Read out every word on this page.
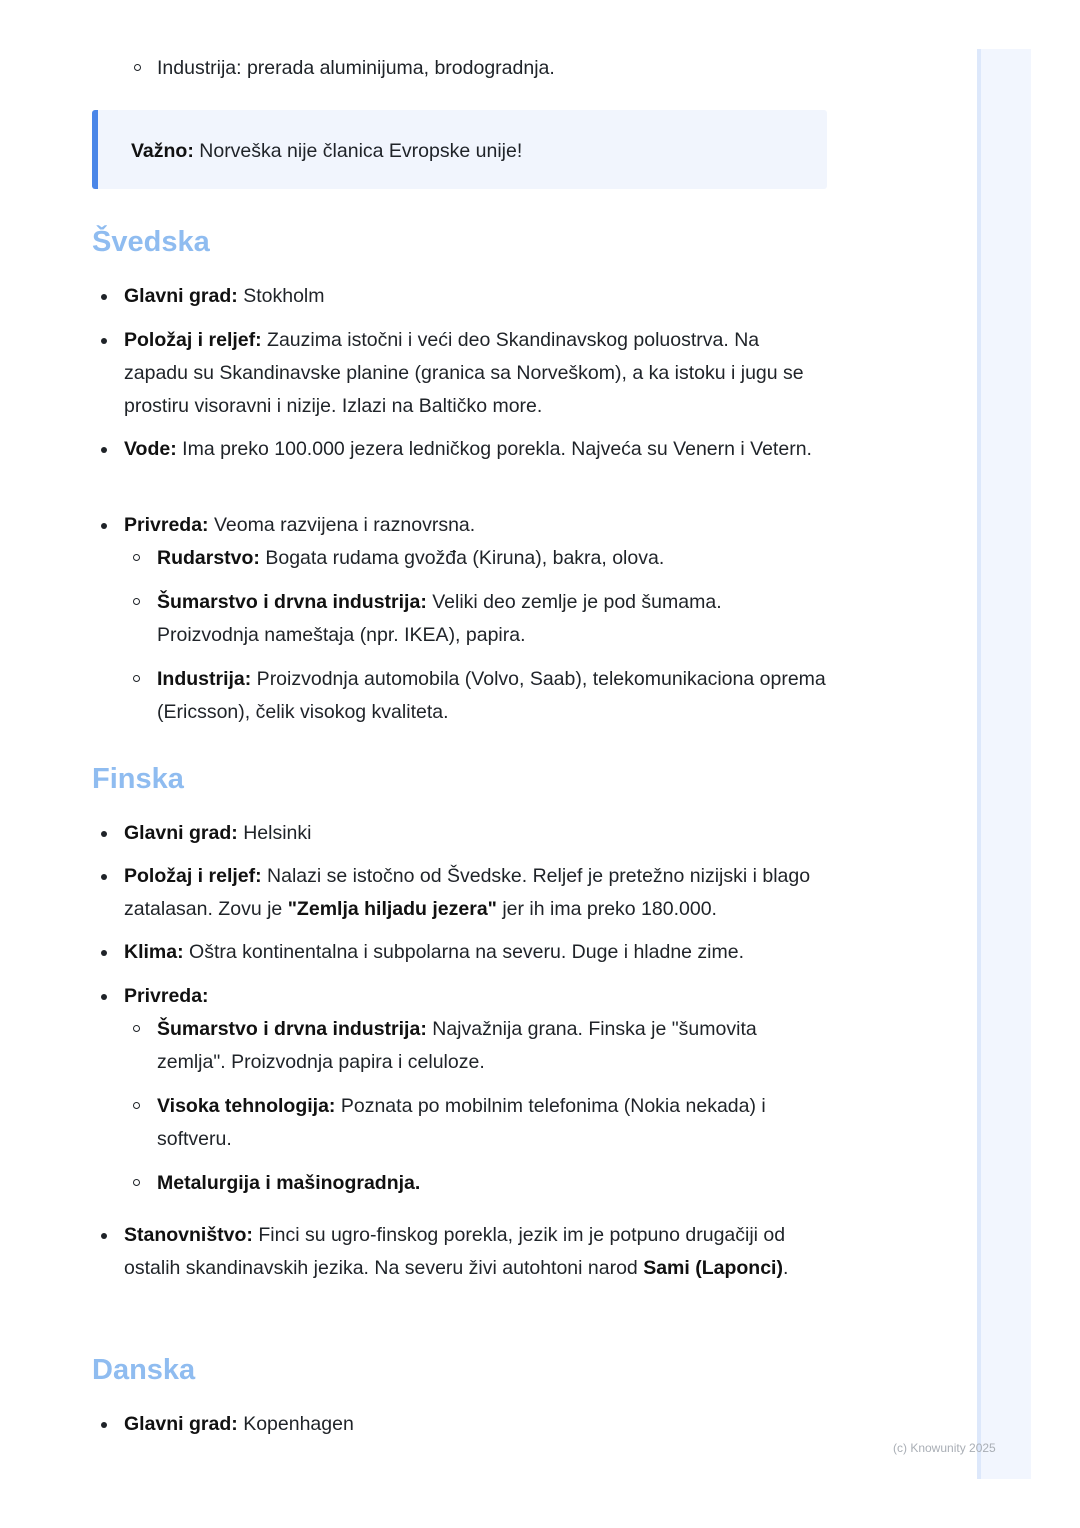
(c) Knowunity 2025
Industrija: prerada aluminijuma, brodogradnja.
Važno: Norveška nije članica Evropske unije!
Švedska
Glavni grad: Stokholm
Položaj i reljef: Zauzima istočni i veći deo Skandinavskog poluostrva. Na zapadu su Skandinavske planine (granica sa Norveškom), a ka istoku i jugu se prostiru visoravni i nizije. Izlazi na Baltičko more.
Vode: Ima preko 100.000 jezera ledničkog porekla. Najveća su Venern i Vetern.
Privreda: Veoma razvijena i raznovrsna.
Rudarstvo: Bogata rudama gvožđa (Kiruna), bakra, olova.
Šumarstvo i drvna industrija: Veliki deo zemlje je pod šumama. Proizvodnja nameštaja (npr. IKEA), papira.
Industrija: Proizvodnja automobila (Volvo, Saab), telekomunikaciona oprema (Ericsson), čelik visokog kvaliteta.
Finska
Glavni grad: Helsinki
Položaj i reljef: Nalazi se istočno od Švedske. Reljef je pretežno nizijski i blago zatalasan. Zovu je "Zemlja hiljadu jezera" jer ih ima preko 180.000.
Klima: Oštra kontinentalna i subpolarna na severu. Duge i hladne zime.
Privreda:
Šumarstvo i drvna industrija: Najvažnija grana. Finska je "šumovita zemlja". Proizvodnja papira i celuloze.
Visoka tehnologija: Poznata po mobilnim telefonima (Nokia nekada) i softveru.
Metalurgija i mašinogradnja.
Stanovništvo: Finci su ugro-finskog porekla, jezik im je potpuno drugačiji od ostalih skandinavskih jezika. Na severu živi autohtoni narod Sami (Laponci).
Danska
Glavni grad: Kopenhagen
